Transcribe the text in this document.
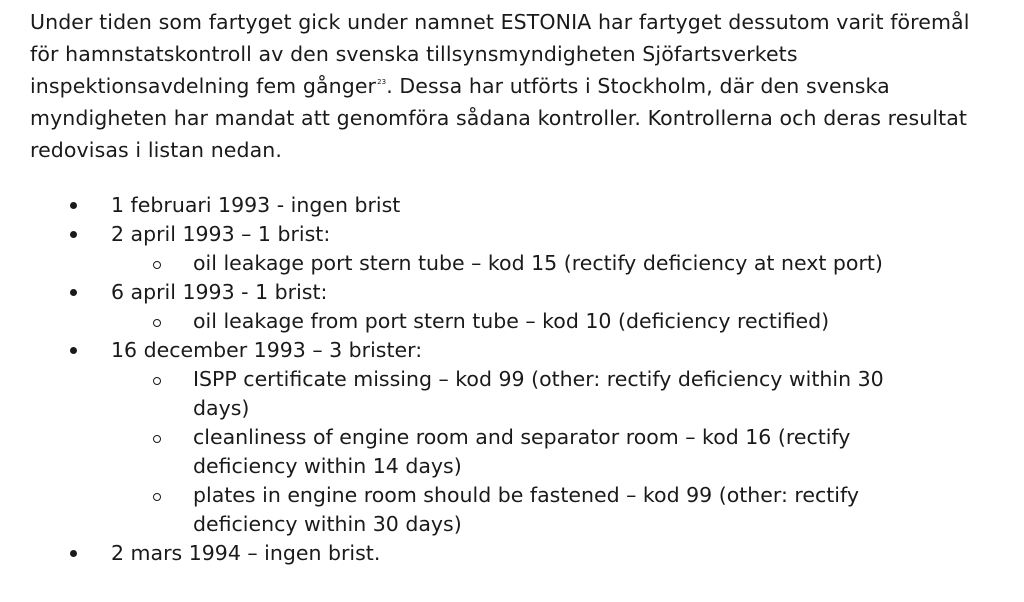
Under tiden som fartyget gick under namnet ESTONIA har fartyget dessutom varit föremål för hamnstatskontroll av den svenska tillsynsmyndigheten Sjöfartsverkets inspektionsavdelning fem gånger$^{23}$. Dessa har utförts i Stockholm, där den svenska myndigheten har mandat att genomföra sådana kontroller. Kontrollerna och deras resultat redovisas i listan nedan.

1 februari 1993 - ingen brist
2 april 1993 – 1 brist:
oil leakage port stern tube – kod 15 (rectify deficiency at next port)
6 april 1993 - 1 brist:
oil leakage from port stern tube – kod 10 (deficiency rectified)
16 december 1993 – 3 brister:
ISPP certificate missing – kod 99 (other: rectify deficiency within 30 days)
cleanliness of engine room and separator room – kod 16 (rectify deficiency within 14 days)
plates in engine room should be fastened – kod 99 (other: rectify deficiency within 30 days)
2 mars 1994 – ingen brist.
